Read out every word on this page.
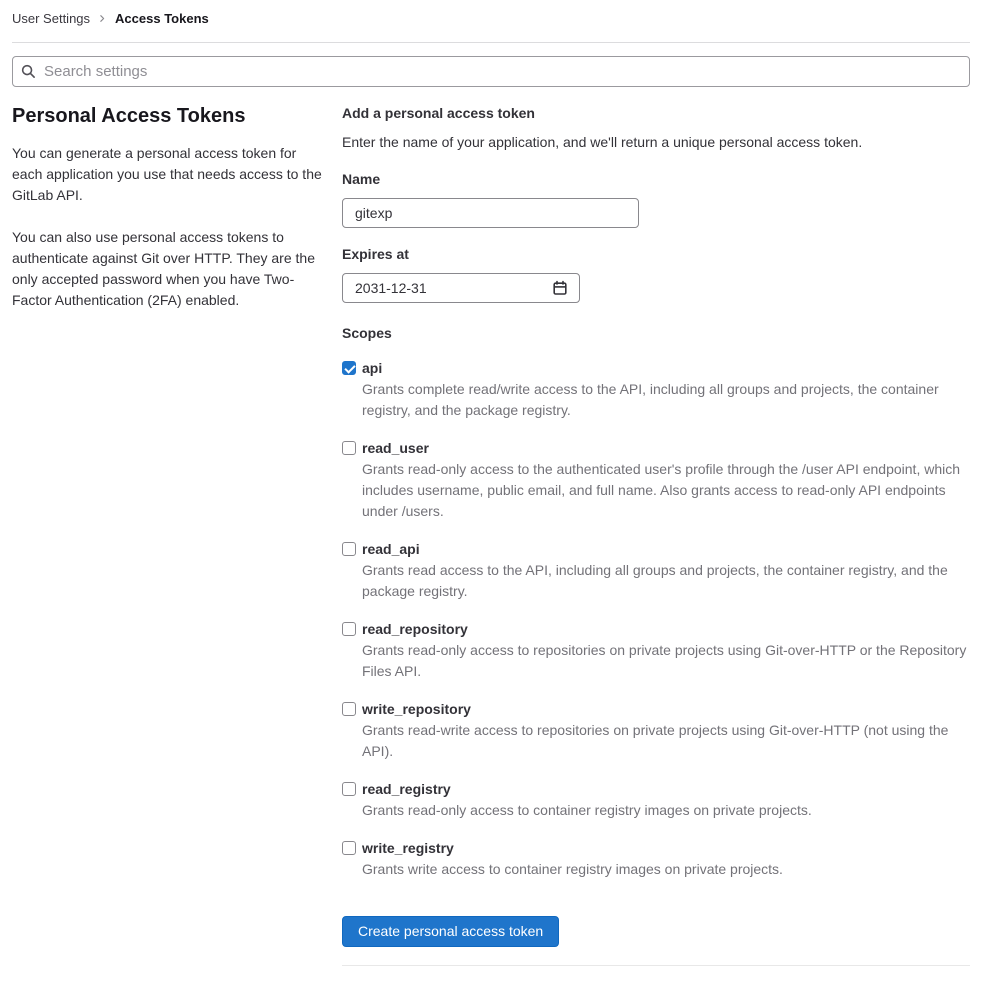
User Settings Access Tokens
Search settings
Personal Access Tokens

You can generate a personal access token for each application you use that needs access to the GitLab API.

You can also use personal access tokens to authenticate against Git over HTTP. They are the only accepted password when you have Two-Factor Authentication (2FA) enabled.

Add a personal access token

Enter the name of your application, and we'll return a unique personal access token.

Name
gitexp
Expires at
2031-12-31
Scopes
api

Grants complete read/write access to the API, including all groups and projects, the container registry, and the package registry.

read_user

Grants read-only access to the authenticated user's profile through the /user API endpoint, which includes username, public email, and full name. Also grants access to read-only API endpoints under /users.

read_api

Grants read access to the API, including all groups and projects, the container registry, and the package registry.

read_repository

Grants read-only access to repositories on private projects using Git-over-HTTP or the Repository Files API.

write_repository

Grants read-write access to repositories on private projects using Git-over-HTTP (not using the API).

read_registry

Grants read-only access to container registry images on private projects.

write_registry

Grants write access to container registry images on private projects.

Create personal access token
